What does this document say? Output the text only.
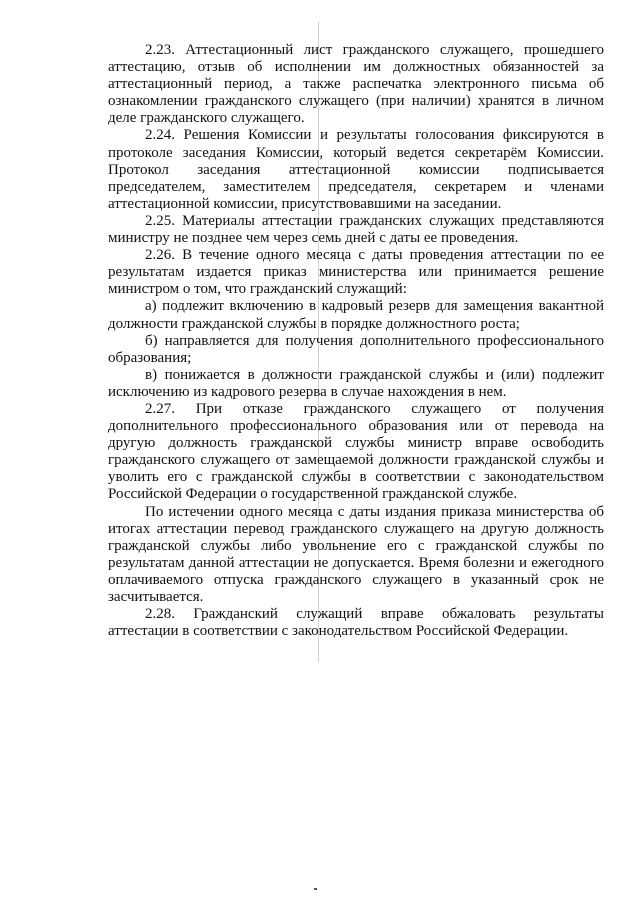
2.23. Аттестационный лист гражданского служащего, прошедшего аттестацию, отзыв об исполнении им должностных обязанностей за аттестационный период, а также распечатка электронного письма об ознакомлении гражданского служащего (при наличии) хранятся в личном деле гражданского служащего.

2.24. Решения Комиссии и результаты голосования фиксируются в протоколе заседания Комиссии, который ведется секретарём Комиссии. Протокол заседания аттестационной комиссии подписывается председателем, заместителем председателя, секретарем и членами аттестационной комиссии, присутствовавшими на заседании.

2.25. Материалы аттестации гражданских служащих представляются министру не позднее чем через семь дней с даты ее проведения.

2.26. В течение одного месяца с даты проведения аттестации по ее результатам издается приказ министерства или принимается решение министром о том, что гражданский служащий:

а) подлежит включению в кадровый резерв для замещения вакантной должности гражданской службы в порядке должностного роста;

б) направляется для получения дополнительного профессионального образования;

в) понижается в должности гражданской службы и (или) подлежит исключению из кадрового резерва в случае нахождения в нем.

2.27. При отказе гражданского служащего от получения дополнительного профессионального образования или от перевода на другую должность гражданской службы министр вправе освободить гражданского служащего от замещаемой должности гражданской службы и уволить его с гражданской службы в соответствии с законодательством Российской Федерации о государственной гражданской службе.

По истечении одного месяца с даты издания приказа министерства об итогах аттестации перевод гражданского служащего на другую должность гражданской службы либо увольнение его с гражданской службы по результатам данной аттестации не допускается. Время болезни и ежегодного оплачиваемого отпуска гражданского служащего в указанный срок не засчитывается.

2.28. Гражданский служащий вправе обжаловать результаты аттестации в соответствии с законодательством Российской Федерации.
